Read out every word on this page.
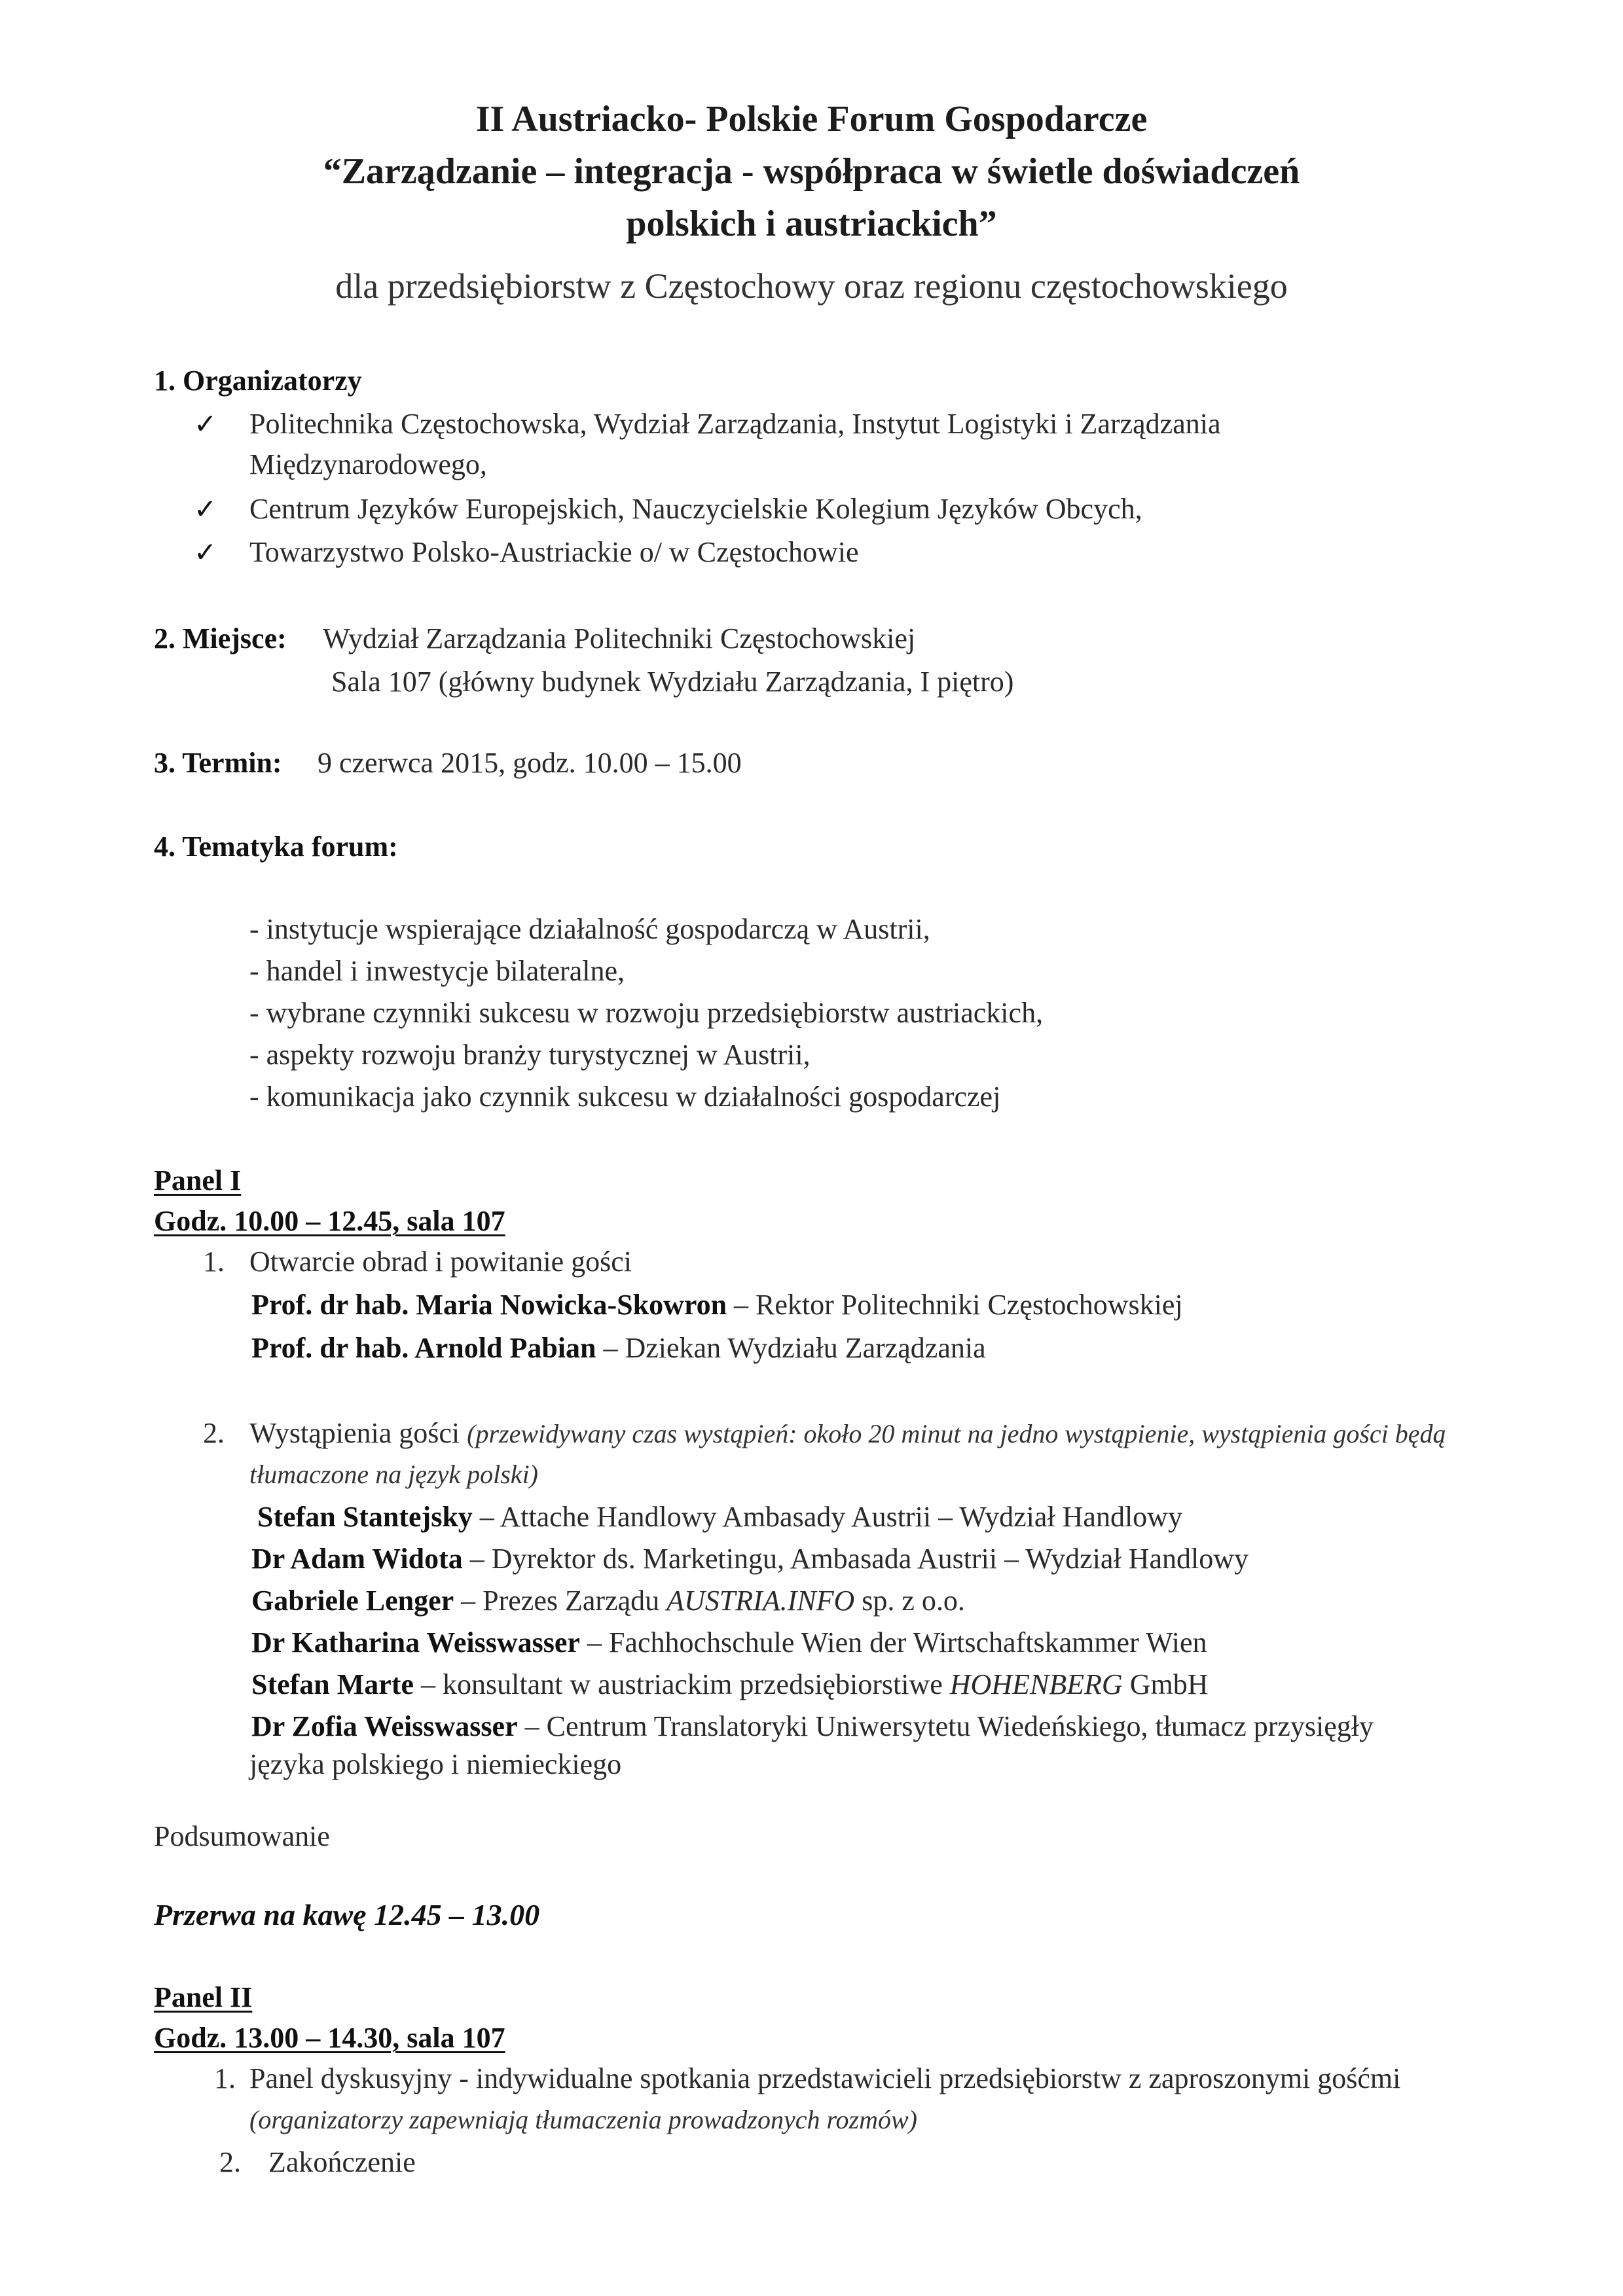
II Austriacko- Polskie Forum Gospodarcze
“Zarządzanie – integracja - współpraca w świetle doświadczeń
polskich i austriackich”
dla przedsiębiorstw z Częstochowy oraz regionu częstochowskiego
1. Organizatorzy
✓ Politechnika Częstochowska, Wydział Zarządzania, Instytut Logistyki i Zarządzania
Międzynarodowego,
✓ Centrum Języków Europejskich, Nauczycielskie Kolegium Języków Obcych,
✓ Towarzystwo Polsko-Austriackie o/ w Częstochowie
2. Miejsce: Wydział Zarządzania Politechniki Częstochowskiej
Sala 107 (główny budynek Wydziału Zarządzania, I piętro)
3. Termin: 9 czerwca 2015, godz. 10.00 – 15.00
4. Tematyka forum:
- instytucje wspierające działalność gospodarczą w Austrii,
- handel i inwestycje bilateralne,
- wybrane czynniki sukcesu w rozwoju przedsiębiorstw austriackich,
- aspekty rozwoju branży turystycznej w Austrii,
- komunikacja jako czynnik sukcesu w działalności gospodarczej
Panel I
Godz. 10.00 – 12.45, sala 107
1. Otwarcie obrad i powitanie gości
Prof. dr hab. Maria Nowicka-Skowron – Rektor Politechniki Częstochowskiej
Prof. dr hab. Arnold Pabian – Dziekan Wydziału Zarządzania
2. Wystąpienia gości (przewidywany czas wystąpień: około 20 minut na jedno wystąpienie, wystąpienia gości będą
tłumaczone na język polski)
Stefan Stantejsky – Attache Handlowy Ambasady Austrii – Wydział Handlowy
Dr Adam Widota – Dyrektor ds. Marketingu, Ambasada Austrii – Wydział Handlowy
Gabriele Lenger – Prezes Zarządu AUSTRIA.INFO sp. z o.o.
Dr Katharina Weisswasser – Fachhochschule Wien der Wirtschaftskammer Wien
Stefan Marte – konsultant w austriackim przedsiębiorstiwe HOHENBERG GmbH
Dr Zofia Weisswasser – Centrum Translatoryki Uniwersytetu Wiedeńskiego, tłumacz przysięgły
języka polskiego i niemieckiego
Podsumowanie
Przerwa na kawę 12.45 – 13.00
Panel II
Godz. 13.00 – 14.30, sala 107
1. Panel dyskusyjny - indywidualne spotkania przedstawicieli przedsiębiorstw z zaproszonymi gośćmi
(organizatorzy zapewniają tłumaczenia prowadzonych rozmów)
2. Zakończenie
